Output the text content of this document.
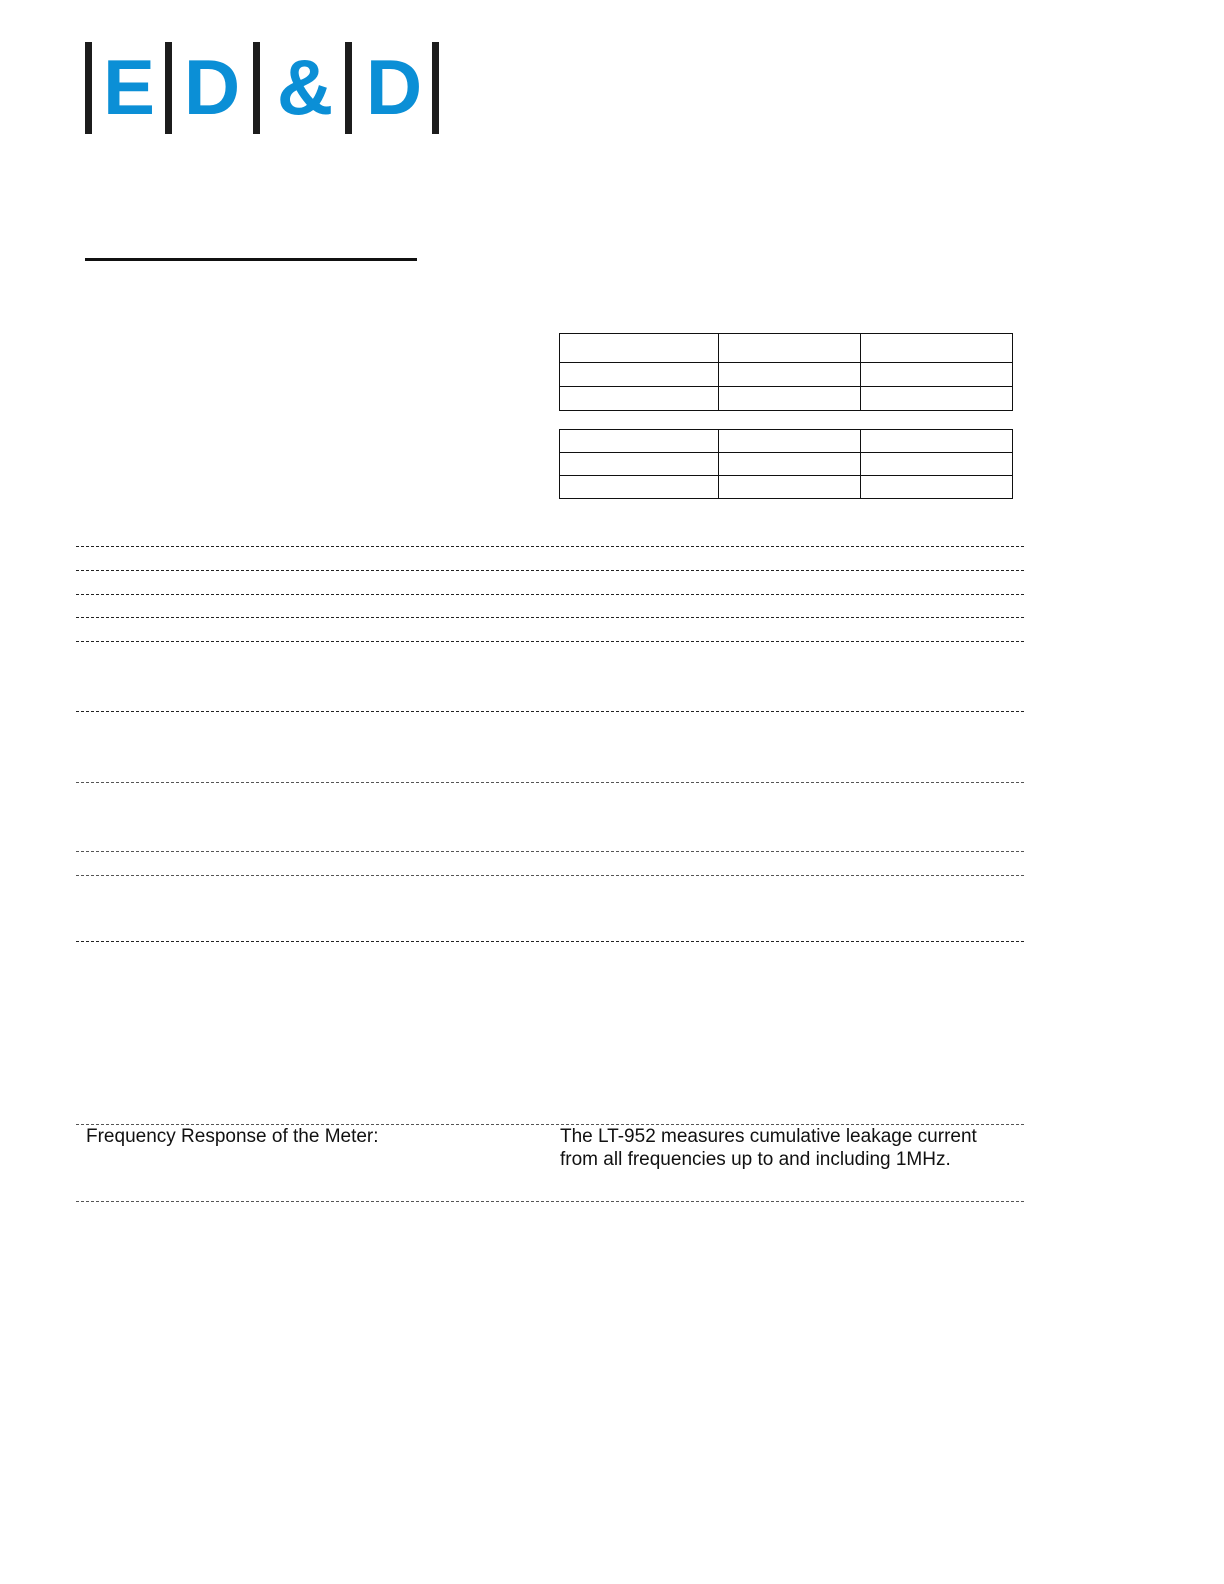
E D & D

Frequency Response of the Meter:	The LT-952 measures cumulative leakage current from all frequencies up to and including 1MHz.
